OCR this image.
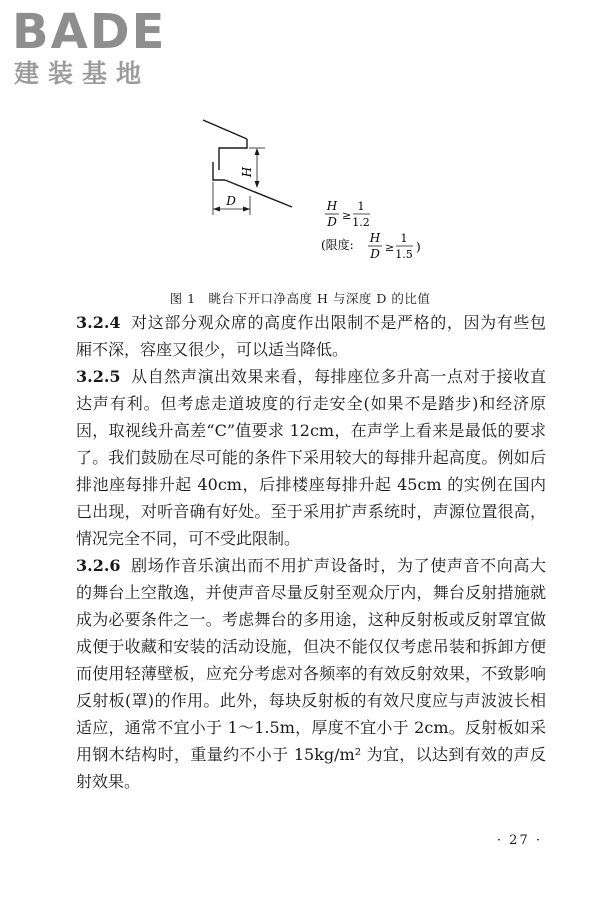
BADE
建装基地
H
D	H
D ≥
1
1.2
(限度: H
D ≥
1
1.5
)
图 1　眺台下开口净高度 H 与深度 D 的比值

3.2.4 对这部分观众席的高度作出限制不是严格的，因为有些包厢不深，容座又很少，可以适当降低。

3.2.5 从自然声演出效果来看，每排座位多升高一点对于接收直达声有利。但考虑走道坡度的行走安全(如果不是踏步)和经济原因，取视线升高差“C”值要求 12cm，在声学上看来是最低的要求了。我们鼓励在尽可能的条件下采用较大的每排升起高度。例如后排池座每排升起 40cm，后排楼座每排升起 45cm 的实例在国内已出现，对听音确有好处。至于采用扩声系统时，声源位置很高，情况完全不同，可不受此限制。

3.2.6 剧场作音乐演出而不用扩声设备时，为了使声音不向高大的舞台上空散逸，并使声音尽量反射至观众厅内，舞台反射措施就成为必要条件之一。考虑舞台的多用途，这种反射板或反射罩宜做成便于收藏和安装的活动设施，但决不能仅仅考虑吊装和拆卸方便而使用轻薄壁板，应充分考虑对各频率的有效反射效果，不致影响反射板(罩)的作用。此外，每块反射板的有效尺度应与声波波长相适应，通常不宜小于 1～1.5m，厚度不宜小于 2cm。反射板如采用钢木结构时，重量约不小于 15kg/m² 为宜，以达到有效的声反射效果。

· 27 ·
